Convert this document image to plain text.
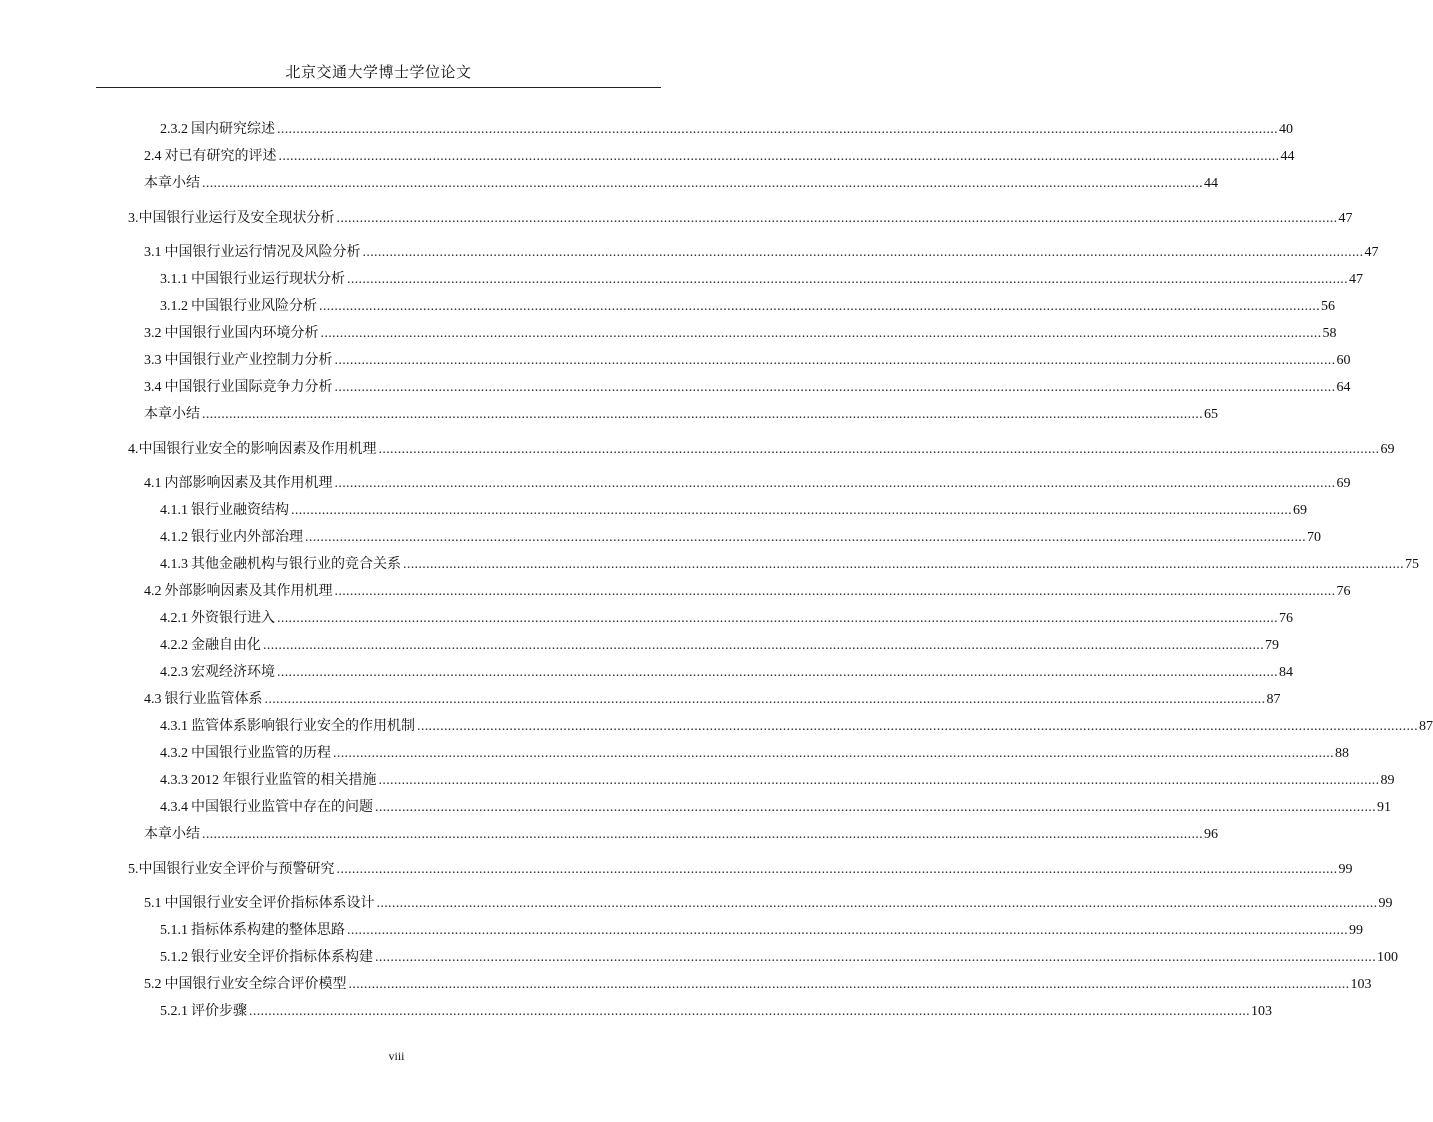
北京交通大学博士学位论文
2.3.2 国内研究综述 .................................................................................................................................................................................................................................................................... 40
2.4 对已有研究的评述 .................................................................................................................................................................................................................................................................... 44
本章小结 .................................................................................................................................................................................................................................................................... 44
3. 中国银行业运行及安全现状分析 .................................................................................................................................................................................................................................................................... 47
3.1 中国银行业运行情况及风险分析 .................................................................................................................................................................................................................................................................... 47
3.1.1 中国银行业运行现状分析 .................................................................................................................................................................................................................................................................... 47
3.1.2 中国银行业风险分析 .................................................................................................................................................................................................................................................................... 56
3.2 中国银行业国内环境分析 .................................................................................................................................................................................................................................................................... 58
3.3 中国银行业产业控制力分析 .................................................................................................................................................................................................................................................................... 60
3.4 中国银行业国际竞争力分析 .................................................................................................................................................................................................................................................................... 64
本章小结 .................................................................................................................................................................................................................................................................... 65
4. 中国银行业安全的影响因素及作用机理 .................................................................................................................................................................................................................................................................... 69
4.1 内部影响因素及其作用机理 .................................................................................................................................................................................................................................................................... 69
4.1.1 银行业融资结构 .................................................................................................................................................................................................................................................................... 69
4.1.2 银行业内外部治理 .................................................................................................................................................................................................................................................................... 70
4.1.3 其他金融机构与银行业的竞合关系 .................................................................................................................................................................................................................................................................... 75
4.2 外部影响因素及其作用机理 .................................................................................................................................................................................................................................................................... 76
4.2.1 外资银行进入 .................................................................................................................................................................................................................................................................... 76
4.2.2 金融自由化 .................................................................................................................................................................................................................................................................... 79
4.2.3 宏观经济环境 .................................................................................................................................................................................................................................................................... 84
4.3 银行业监管体系 .................................................................................................................................................................................................................................................................... 87
4.3.1 监管体系影响银行业安全的作用机制 .................................................................................................................................................................................................................................................................... 87
4.3.2 中国银行业监管的历程 .................................................................................................................................................................................................................................................................... 88
4.3.3 2012 年银行业监管的相关措施 .................................................................................................................................................................................................................................................................... 89
4.3.4 中国银行业监管中存在的问题 .................................................................................................................................................................................................................................................................... 91
本章小结 .................................................................................................................................................................................................................................................................... 96
5. 中国银行业安全评价与预警研究 .................................................................................................................................................................................................................................................................... 99
5.1 中国银行业安全评价指标体系设计 .................................................................................................................................................................................................................................................................... 99
5.1.1 指标体系构建的整体思路 .................................................................................................................................................................................................................................................................... 99
5.1.2 银行业安全评价指标体系构建 .................................................................................................................................................................................................................................................................... 100
5.2 中国银行业安全综合评价模型 .................................................................................................................................................................................................................................................................... 103
5.2.1 评价步骤 .................................................................................................................................................................................................................................................................... 103
viii
